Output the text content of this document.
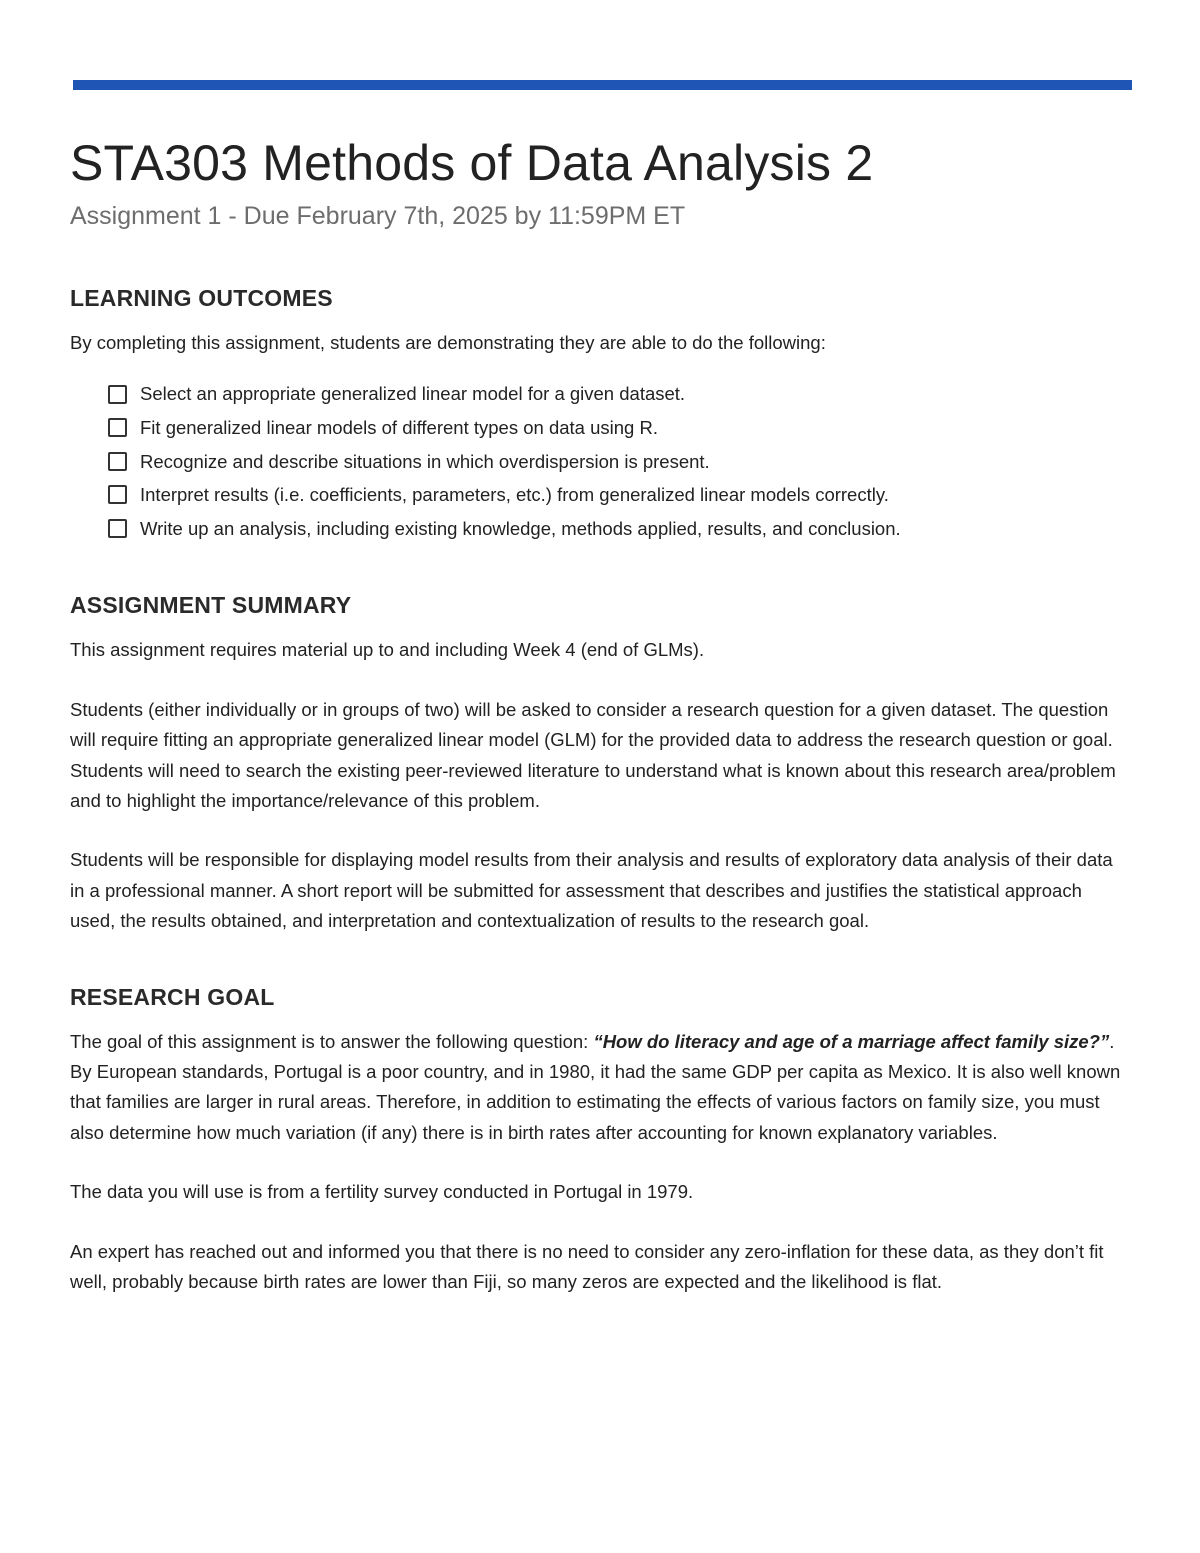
STA303 Methods of Data Analysis 2

Assignment 1 - Due February 7th, 2025 by 11:59PM ET

LEARNING OUTCOMES

By completing this assignment, students are demonstrating they are able to do the following:

Select an appropriate generalized linear model for a given dataset.
Fit generalized linear models of different types on data using R.
Recognize and describe situations in which overdispersion is present.
Interpret results (i.e. coefficients, parameters, etc.) from generalized linear models correctly.
Write up an analysis, including existing knowledge, methods applied, results, and conclusion.
ASSIGNMENT SUMMARY

This assignment requires material up to and including Week 4 (end of GLMs).

Students (either individually or in groups of two) will be asked to consider a research question for a given dataset. The question will require fitting an appropriate generalized linear model (GLM) for the provided data to address the research question or goal. Students will need to search the existing peer-reviewed literature to understand what is known about this research area/problem and to highlight the importance/relevance of this problem.

Students will be responsible for displaying model results from their analysis and results of exploratory data analysis of their data in a professional manner. A short report will be submitted for assessment that describes and justifies the statistical approach used, the results obtained, and interpretation and contextualization of results to the research goal.

RESEARCH GOAL

The goal of this assignment is to answer the following question: “How do literacy and age of a marriage affect family size?”. By European standards, Portugal is a poor country, and in 1980, it had the same GDP per capita as Mexico. It is also well known that families are larger in rural areas. Therefore, in addition to estimating the effects of various factors on family size, you must also determine how much variation (if any) there is in birth rates after accounting for known explanatory variables.

The data you will use is from a fertility survey conducted in Portugal in 1979.

An expert has reached out and informed you that there is no need to consider any zero-inflation for these data, as they don’t fit well, probably because birth rates are lower than Fiji, so many zeros are expected and the likelihood is flat.
